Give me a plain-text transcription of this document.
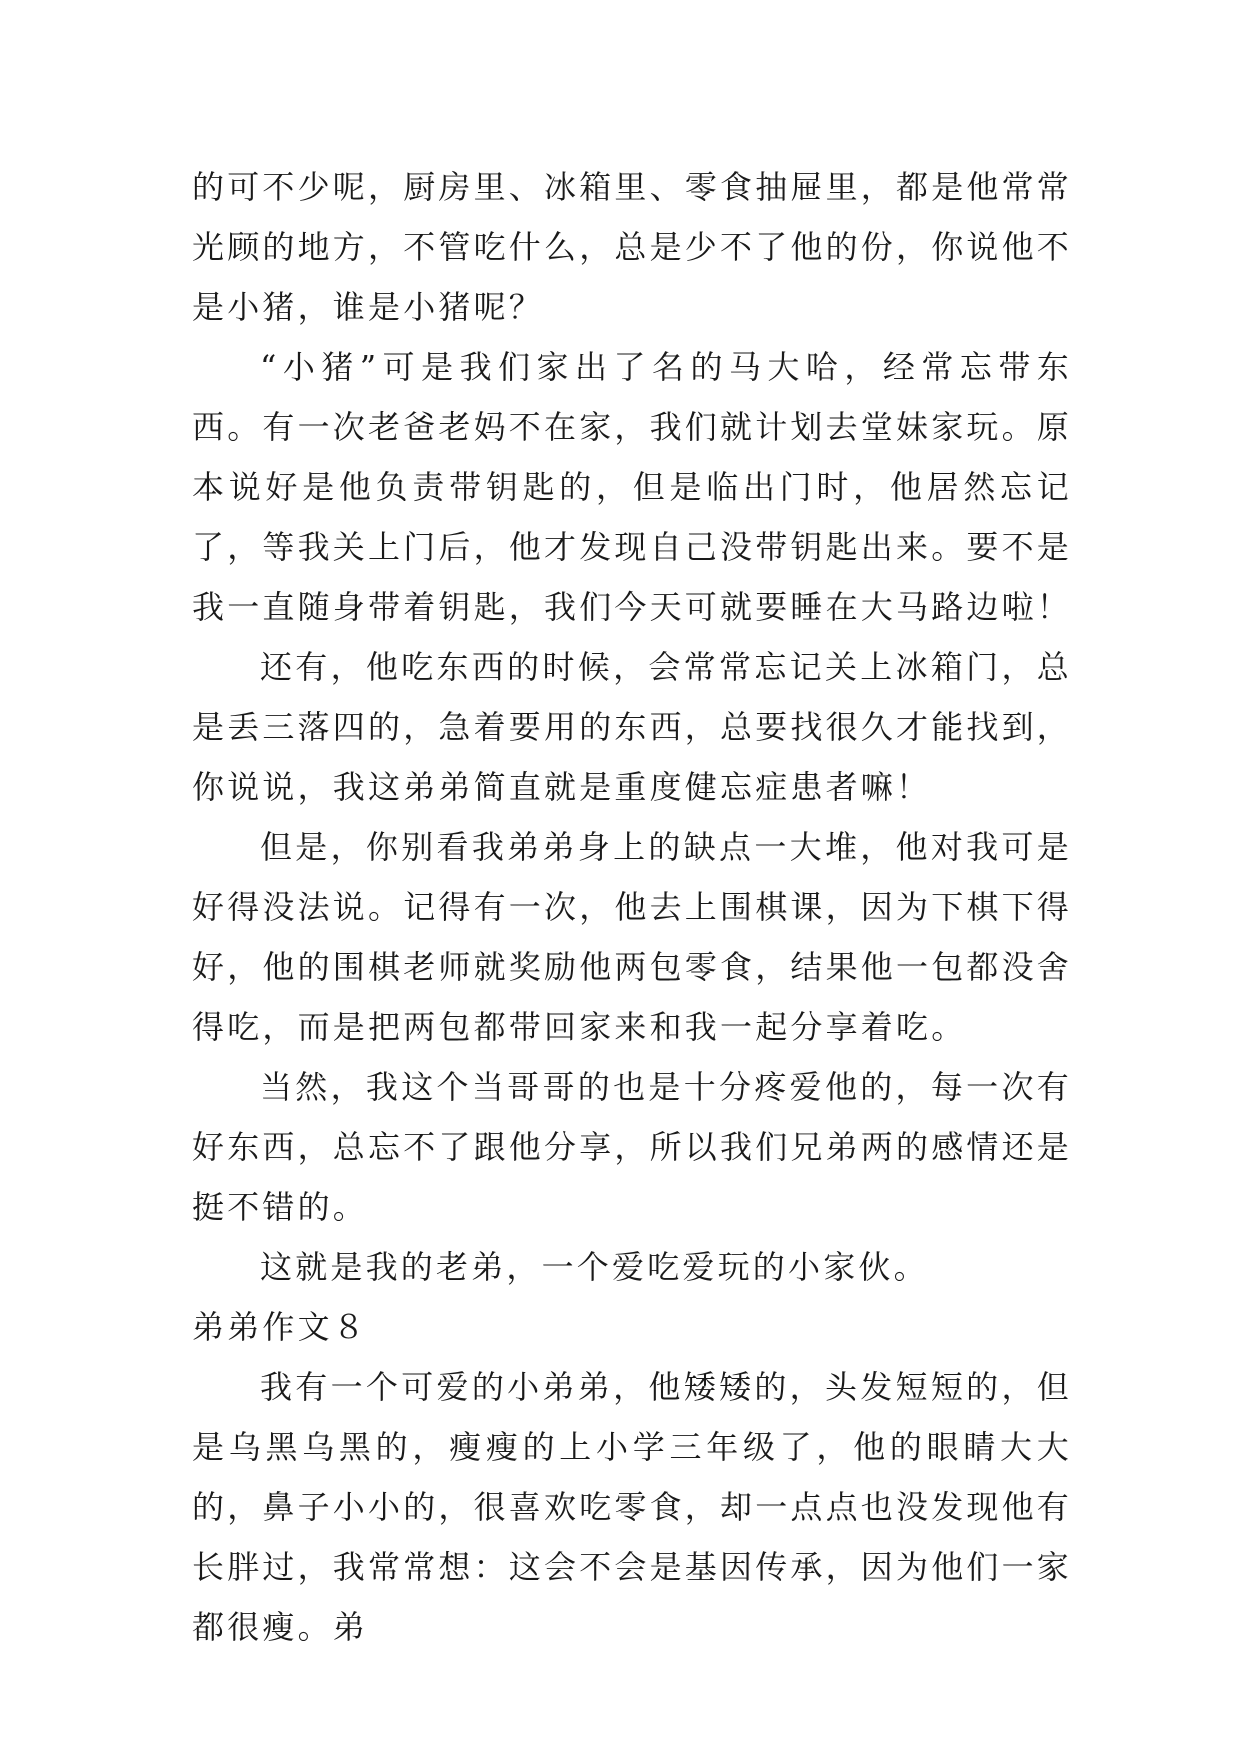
的可不少呢，厨房里、冰箱里、零食抽屉里，都是他常常光顾的地方，不管吃什么，总是少不了他的份，你说他不是小猪，谁是小猪呢？

“小猪”可是我们家出了名的马大哈，经常忘带东西。有一次老爸老妈不在家，我们就计划去堂妹家玩。原本说好是他负责带钥匙的，但是临出门时，他居然忘记了，等我关上门后，他才发现自己没带钥匙出来。要不是我一直随身带着钥匙，我们今天可就要睡在大马路边啦！

还有，他吃东西的时候，会常常忘记关上冰箱门，总是丢三落四的，急着要用的东西，总要找很久才能找到，你说说，我这弟弟简直就是重度健忘症患者嘛！

但是，你别看我弟弟身上的缺点一大堆，他对我可是好得没法说。记得有一次，他去上围棋课，因为下棋下得好，他的围棋老师就奖励他两包零食，结果他一包都没舍得吃，而是把两包都带回家来和我一起分享着吃。

当然，我这个当哥哥的也是十分疼爱他的，每一次有好东西，总忘不了跟他分享，所以我们兄弟两的感情还是挺不错的。

这就是我的老弟，一个爱吃爱玩的小家伙。

弟弟作文８

我有一个可爱的小弟弟，他矮矮的，头发短短的，但是乌黑乌黑的，瘦瘦的上小学三年级了，他的眼睛大大的，鼻子小小的，很喜欢吃零食，却一点点也没发现他有长胖过，我常常想：这会不会是基因传承，因为他们一家都很瘦。弟
